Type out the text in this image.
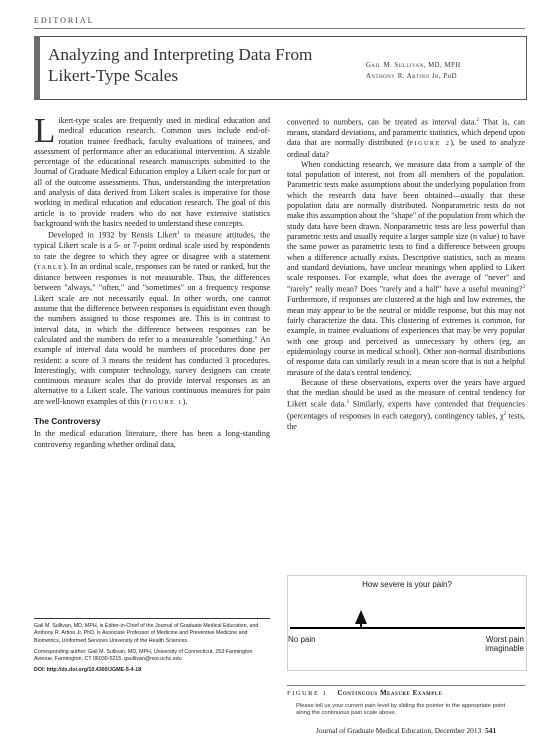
EDITORIAL
Analyzing and Interpreting Data From
Likert-Type Scales
Gail M. Sullivan, MD, MPH
Anthony R. Artino Jr, PhD

Likert-type scales are frequently used in medical education and medical education research. Common uses include end-of-rotation trainee feedback, faculty evaluations of trainees, and assessment of performance after an educational intervention. A sizable percentage of the educational research manuscripts submitted to the Journal of Graduate Medical Education employ a Likert scale for part or all of the outcome assessments. Thus, understanding the interpretation and analysis of data derived from Likert scales is imperative for those working in medical education and education research. The goal of this article is to provide readers who do not have extensive statistics background with the basics needed to understand these concepts.

Developed in 1932 by Rensis Likert$^1$ to measure attitudes, the typical Likert scale is a 5- or 7-point ordinal scale used by respondents to rate the degree to which they agree or disagree with a statement (TABLE). In an ordinal scale, responses can be rated or ranked, but the distance between responses is not measurable. Thus, the differences between "always," "often," and "sometimes" on a frequency response Likert scale are not necessarily equal. In other words, one cannot assume that the difference between responses is equidistant even though the numbers assigned to those responses are. This is in contrast to interval data, in which the difference between responses can be calculated and the numbers do refer to a measureable "something." An example of interval data would be numbers of procedures done per resident: a score of 3 means the resident has conducted 3 procedures. Interestingly, with computer technology, survey designers can create continuous measure scales that do provide interval responses as an alternative to a Likert scale. The various continuous measures for pain are well-known examples of this (FIGURE 1).

The Controversy

In the medical education literature, there has been a long-standing controversy regarding whether ordinal data,

Gail M. Sullivan, MD, MPH, is Editor-in-Chief of the Journal of Graduate Medical Education, and Anthony R. Artino Jr, PhD, is Associate Professor of Medicine and Preventive Medicine and Biometrics, Uniformed Services University of the Health Sciences.

Corresponding author: Gail M. Sullivan, MD, MPH, University of Connecticut, 253 Farmington Avenue, Farmington, CT 06030-5215, gsullivan@nso.uchc.edu

DOI: http://dx.doi.org/10.4300/JGME-5-4-18

converted to numbers, can be treated as interval data.$^2$ That is, can means, standard deviations, and parametric statistics, which depend upon data that are normally distributed (FIGURE 2), be used to analyze ordinal data?

When conducting research, we measure data from a sample of the total population of interest, not from all members of the population. Parametric tests make assumptions about the underlying population from which the research data have been obtained—usually that these population data are normally distributed. Nonparametric tests do not make this assumption about the "shape" of the population from which the study data have been drawn. Nonparametric tests are less powerful than parametric tests and usually require a larger sample size (n value) to have the same power as parametric tests to find a difference between groups when a difference actually exists. Descriptive statistics, such as means and standard deviations, have unclear meanings when applied to Likert scale responses. For example, what does the average of "never" and "rarely" really mean? Does "rarely and a half" have a useful meaning?$^3$ Furthermore, if responses are clustered at the high and low extremes, the mean may appear to be the neutral or middle response, but this may not fairly characterize the data. This clustering of extremes is common, for example, in trainee evaluations of experiences that may be very popular with one group and perceived as unnecessary by others (eg, an epidemiology course in medical school). Other non-normal distributions of response data can similarly result in a mean score that is not a helpful measure of the data's central tendency.

Because of these observations, experts over the years have argued that the median should be used as the measure of central tendency for Likert scale data.$^3$ Similarly, experts have contended that frequencies (percentages of responses in each category), contingency tables, $\chi^2$ tests, the

How severe is your pain?
No pain	Worst pain imaginable
FIGURE 1 Continuous Measure Example
Please tell us your current pain level by sliding the pointer to the appropriate point along the continuous pain scale above.
Journal of Graduate Medical Education, December 2013 541
